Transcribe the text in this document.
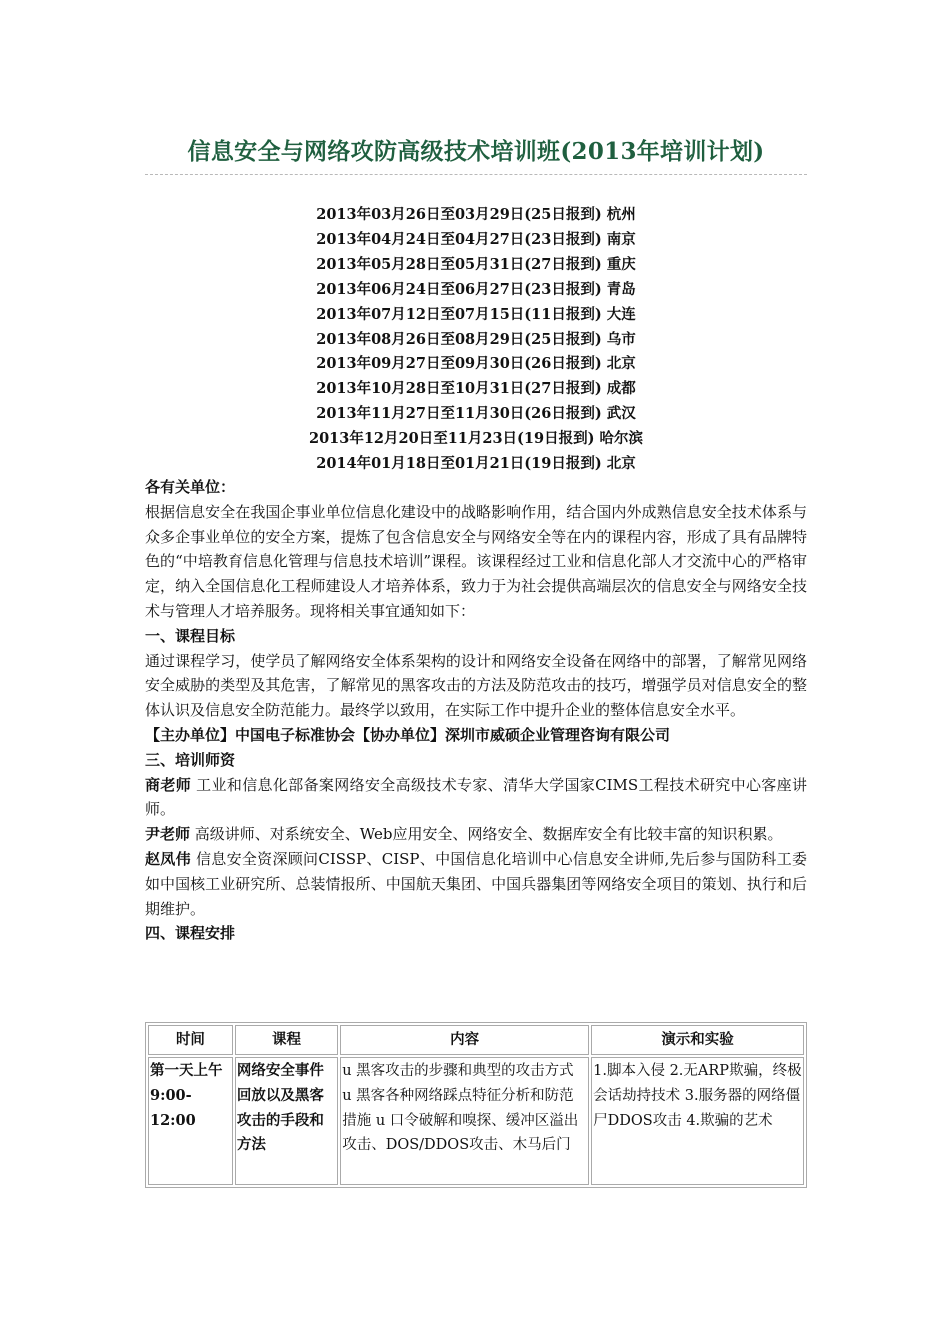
信息安全与网络攻防高级技术培训班(2013年培训计划)
2013年03月26日至03月29日(25日报到) 杭州
2013年04月24日至04月27日(23日报到) 南京
2013年05月28日至05月31日(27日报到) 重庆
2013年06月24日至06月27日(23日报到) 青岛
2013年07月12日至07月15日(11日报到) 大连
2013年08月26日至08月29日(25日报到) 乌市
2013年09月27日至09月30日(26日报到) 北京
2013年10月28日至10月31日(27日报到) 成都
2013年11月27日至11月30日(26日报到) 武汉
2013年12月20日至11月23日(19日报到) 哈尔滨
2014年01月18日至01月21日(19日报到) 北京

各有关单位：

根据信息安全在我国企事业单位信息化建设中的战略影响作用，结合国内外成熟信息安全技术体系与众多企事业单位的安全方案，提炼了包含信息安全与网络安全等在内的课程内容，形成了具有品牌特色的“中培教育信息化管理与信息技术培训”课程。该课程经过工业和信息化部人才交流中心的严格审定，纳入全国信息化工程师建设人才培养体系，致力于为社会提供高端层次的信息安全与网络安全技术与管理人才培养服务。现将相关事宜通知如下：

一、课程目标

通过课程学习，使学员了解网络安全体系架构的设计和网络安全设备在网络中的部署，了解常见网络安全威胁的类型及其危害，了解常见的黑客攻击的方法及防范攻击的技巧，增强学员对信息安全的整体认识及信息安全防范能力。最终学以致用，在实际工作中提升企业的整体信息安全水平。

【主办单位】中国电子标准协会【协办单位】深圳市威硕企业管理咨询有限公司

三、培训师资

商老师 工业和信息化部备案网络安全高级技术专家、清华大学国家CIMS工程技术研究中心客座讲师。

尹老师 高级讲师、对系统安全、Web应用安全、网络安全、数据库安全有比较丰富的知识积累。

赵凤伟 信息安全资深顾问CISSP、CISP、中国信息化培训中心信息安全讲师,先后参与国防科工委如中国核工业研究所、总装情报所、中国航天集团、中国兵器集团等网络安全项目的策划、执行和后期维护。

四、课程安排

时间	课程	内容	演示和实验

第一天上午9:00-12:00	网络安全事件回放以及黑客攻击的手段和方法	u 黑客攻击的步骤和典型的攻击方式 u 黑客各种网络踩点特征分析和防范措施 u 口令破解和嗅探、缓冲区溢出攻击、DOS/DDOS攻击、木马后门	1.脚本入侵 2.无ARP欺骗，终极会话劫持技术 3.服务器的网络僵尸DDOS攻击 4.欺骗的艺术
